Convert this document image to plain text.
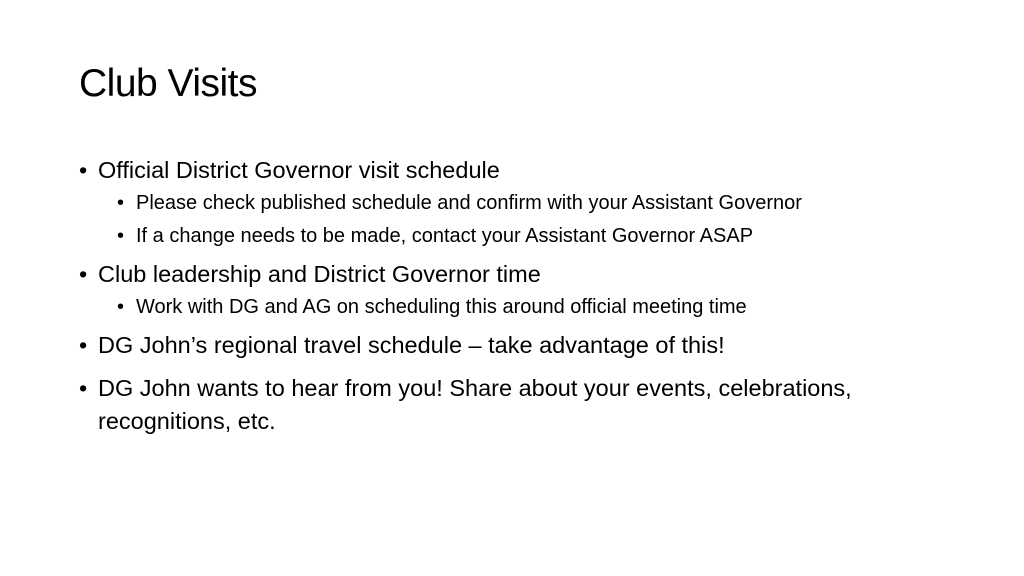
Club Visits
• Official District Governor visit schedule
• Please check published schedule and confirm with your Assistant Governor
• If a change needs to be made, contact your Assistant Governor ASAP
• Club leadership and District Governor time
• Work with DG and AG on scheduling this around official meeting time
• DG John’s regional travel schedule – take advantage of this!
• DG John wants to hear from you! Share about your events, celebrations, recognitions, etc.
